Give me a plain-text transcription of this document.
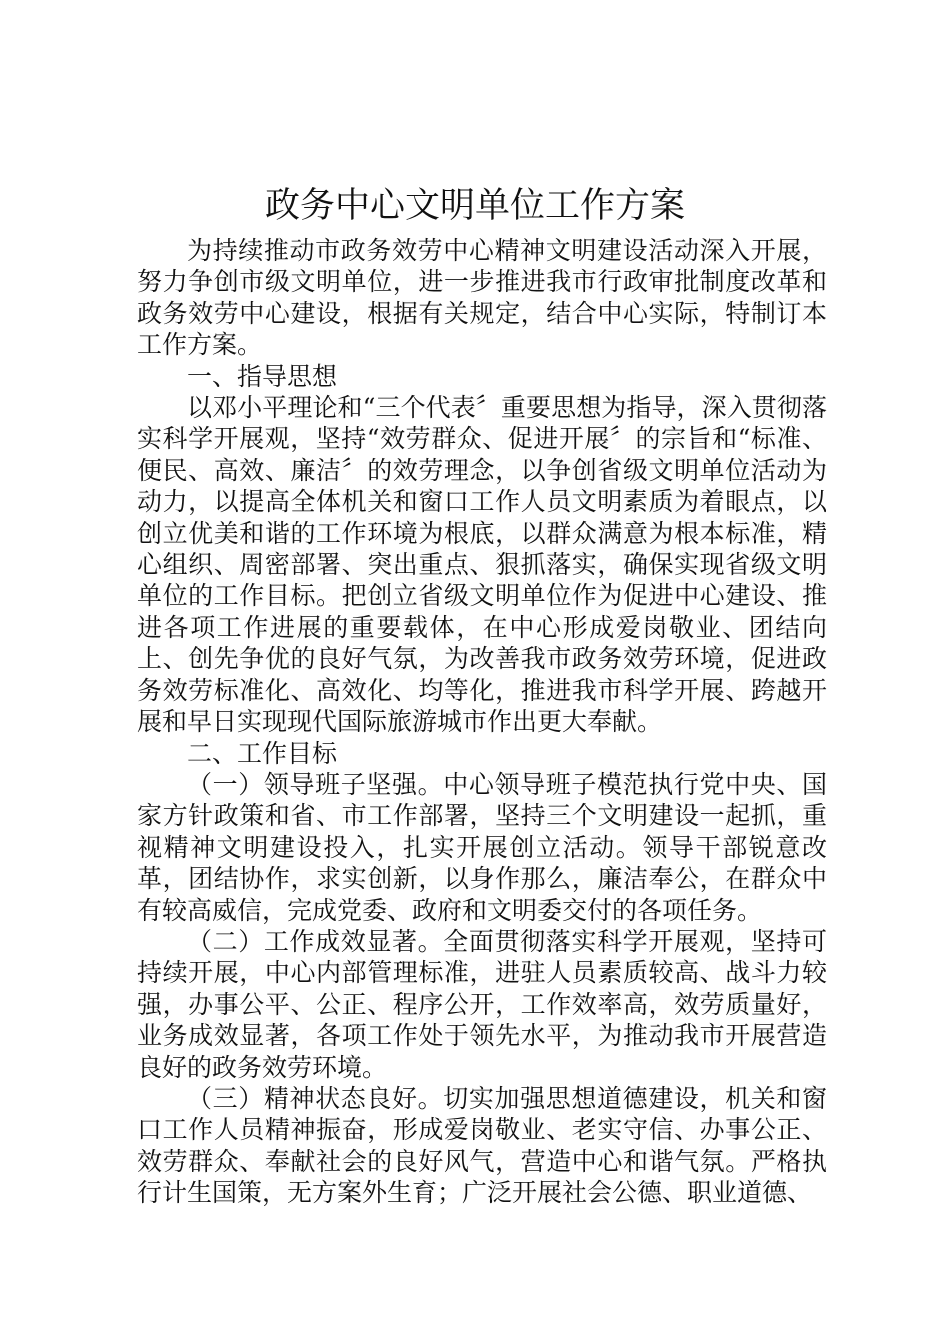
政务中心文明单位工作方案

为持续推动市政务效劳中心精神文明建设活动深入开展，努力争创市级文明单位，进一步推进我市行政审批制度改革和政务效劳中心建设，根据有关规定，结合中心实际，特制订本工作方案。

一、指导思想

以邓小平理论和“三个代表〞重要思想为指导，深入贯彻落实科学开展观，坚持“效劳群众、促进开展〞的宗旨和“标准、便民、高效、廉洁〞的效劳理念，以争创省级文明单位活动为动力，以提高全体机关和窗口工作人员文明素质为着眼点，以创立优美和谐的工作环境为根底，以群众满意为根本标准，精心组织、周密部署、突出重点、狠抓落实，确保实现省级文明单位的工作目标。把创立省级文明单位作为促进中心建设、推进各项工作进展的重要载体，在中心形成爱岗敬业、团结向上、创先争优的良好气氛，为改善我市政务效劳环境，促进政务效劳标准化、高效化、均等化，推进我市科学开展、跨越开展和早日实现现代国际旅游城市作出更大奉献。

二、工作目标

（一）领导班子坚强。中心领导班子模范执行党中央、国家方针政策和省、市工作部署，坚持三个文明建设一起抓，重视精神文明建设投入，扎实开展创立活动。领导干部锐意改革，团结协作，求实创新，以身作那么，廉洁奉公，在群众中有较高威信，完成党委、政府和文明委交付的各项任务。

（二）工作成效显著。全面贯彻落实科学开展观，坚持可持续开展，中心内部管理标准，进驻人员素质较高、战斗力较强，办事公平、公正、程序公开，工作效率高，效劳质量好，业务成效显著，各项工作处于领先水平，为推动我市开展营造良好的政务效劳环境。

（三）精神状态良好。切实加强思想道德建设，机关和窗口工作人员精神振奋，形成爱岗敬业、老实守信、办事公正、效劳群众、奉献社会的良好风气，营造中心和谐气氛。严格执行计生国策，无方案外生育；广泛开展社会公德、职业道德、
